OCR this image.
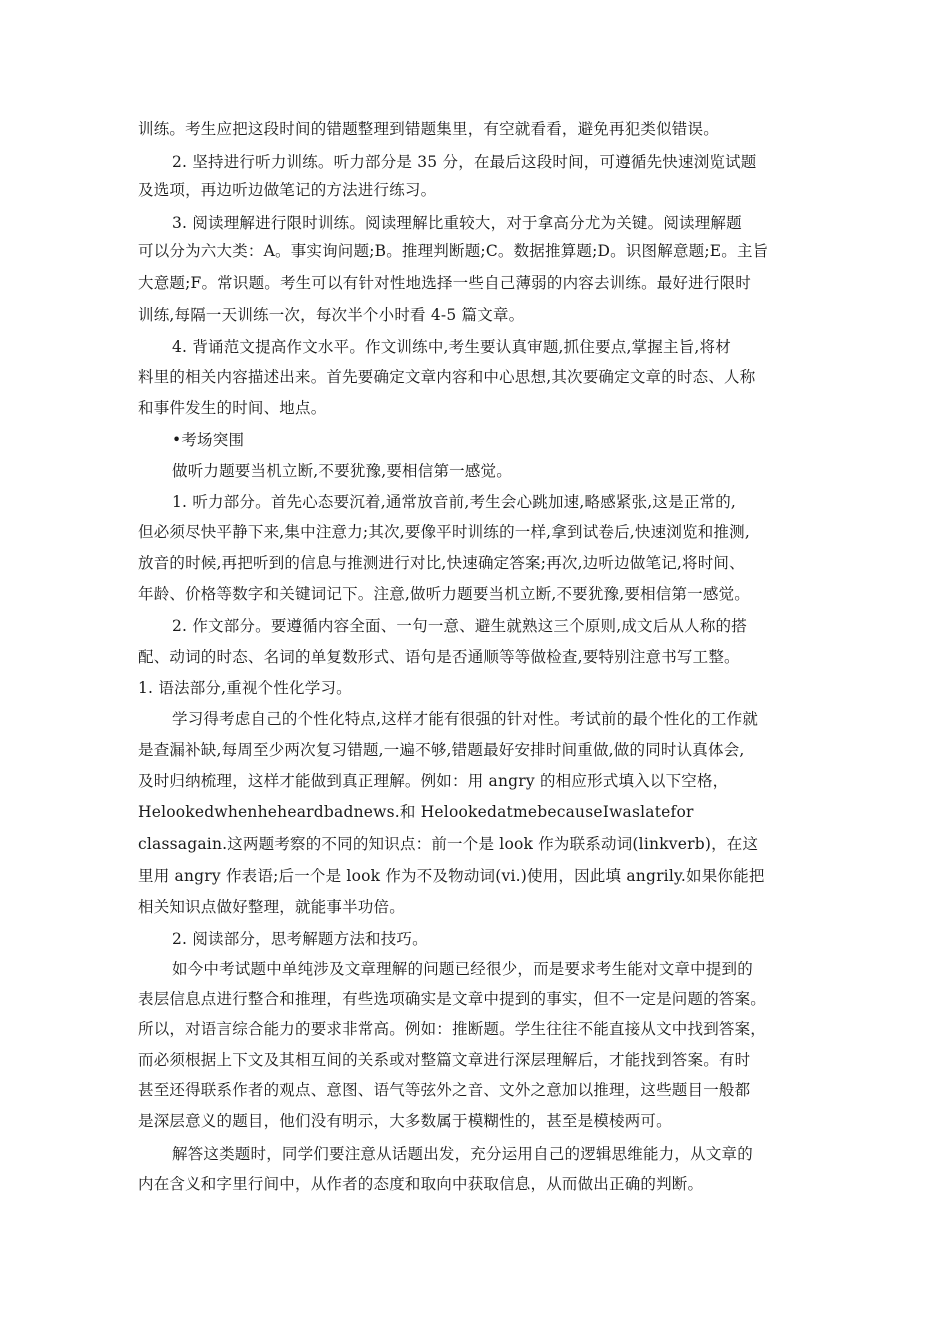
训练。考生应把这段时间的错题整理到错题集里，有空就看看，避免再犯类似错误。
2. 坚持进行听力训练。听力部分是 35 分，在最后这段时间，可遵循先快速浏览试题
及选项，再边听边做笔记的方法进行练习。
3. 阅读理解进行限时训练。阅读理解比重较大，对于拿高分尤为关键。阅读理解题
可以分为六大类：A。事实询问题;B。推理判断题;C。数据推算题;D。识图解意题;E。主旨
大意题;F。常识题。考生可以有针对性地选择一些自己薄弱的内容去训练。最好进行限时
训练,每隔一天训练一次，每次半个小时看 4-5 篇文章。
4. 背诵范文提高作文水平。作文训练中,考生要认真审题,抓住要点,掌握主旨,将材
料里的相关内容描述出来。首先要确定文章内容和中心思想,其次要确定文章的时态、人称
和事件发生的时间、地点。
•考场突围
做听力题要当机立断,不要犹豫,要相信第一感觉。
1. 听力部分。首先心态要沉着,通常放音前,考生会心跳加速,略感紧张,这是正常的,
但必须尽快平静下来,集中注意力;其次,要像平时训练的一样,拿到试卷后,快速浏览和推测,
放音的时候,再把听到的信息与推测进行对比,快速确定答案;再次,边听边做笔记,将时间、
年龄、价格等数字和关键词记下。注意,做听力题要当机立断,不要犹豫,要相信第一感觉。
2. 作文部分。要遵循内容全面、一句一意、避生就熟这三个原则,成文后从人称的搭
配、动词的时态、名词的单复数形式、语句是否通顺等等做检查,要特别注意书写工整。
1. 语法部分,重视个性化学习。
学习得考虑自己的个性化特点,这样才能有很强的针对性。考试前的最个性化的工作就
是查漏补缺,每周至少两次复习错题,一遍不够,错题最好安排时间重做,做的同时认真体会,
及时归纳梳理，这样才能做到真正理解。例如：用 angry 的相应形式填入以下空格，
Helookedwhenheheardbadnews.和 HelookedatmebecauseIwaslatefor
classagain.这两题考察的不同的知识点：前一个是 look 作为联系动词(linkverb)，在这
里用 angry 作表语;后一个是 look 作为不及物动词(vi.)使用，因此填 angrily.如果你能把
相关知识点做好整理，就能事半功倍。
2. 阅读部分，思考解题方法和技巧。
如今中考试题中单纯涉及文章理解的问题已经很少，而是要求考生能对文章中提到的
表层信息点进行整合和推理，有些选项确实是文章中提到的事实，但不一定是问题的答案。
所以，对语言综合能力的要求非常高。例如：推断题。学生往往不能直接从文中找到答案，
而必须根据上下文及其相互间的关系或对整篇文章进行深层理解后，才能找到答案。有时
甚至还得联系作者的观点、意图、语气等弦外之音、文外之意加以推理，这些题目一般都
是深层意义的题目，他们没有明示，大多数属于模糊性的，甚至是模棱两可。
解答这类题时，同学们要注意从话题出发，充分运用自己的逻辑思维能力，从文章的
内在含义和字里行间中，从作者的态度和取向中获取信息，从而做出正确的判断。
